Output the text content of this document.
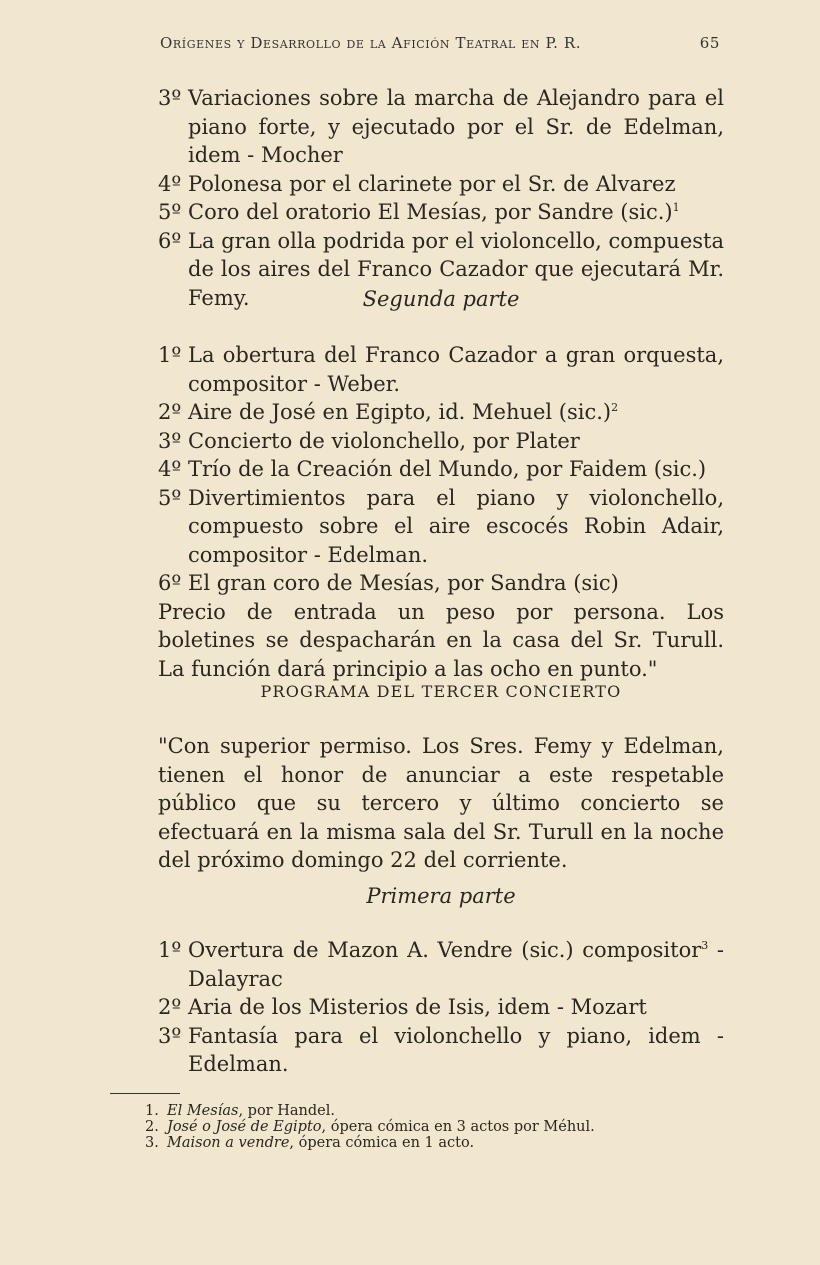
Orígenes y Desarrollo de la Afición Teatral en P. R.	65
3º Variaciones sobre la marcha de Alejandro para el piano forte, y ejecutado por el Sr. de Edelman, idem - Mocher
4º Polonesa por el clarinete por el Sr. de Alvarez
5º Coro del oratorio El Mesías, por Sandre $(sic.)^1$
6º La gran olla podrida por el violoncello, compuesta de los aires del Franco Cazador que ejecutará Mr. Femy.	Segunda parte
1º La obertura del Franco Cazador a gran orquesta, compositor - Weber.
2º Aire de José en Egipto, id. Mehuel $(sic.)^2$
3º Concierto de violonchello, por Plater
4º Trío de la Creación del Mundo, por Faidem (sic.)
5º Divertimientos para el piano y violonchello, compuesto sobre el aire escocés Robin Adair, compositor - Edelman.
6º El gran coro de Mesías, por Sandra (sic)
Precio de entrada un peso por persona. Los boletines se despacharán en la casa del Sr. Turull. La función dará principio a las ocho en punto."
PROGRAMA DEL TERCER CONCIERTO
"Con superior permiso. Los Sres. Femy y Edelman, tienen el honor de anunciar a este respetable público que su tercero y último concierto se efectuará en la misma sala del Sr. Turull en la noche del próximo domingo 22 del corriente.
Primera parte
1º Overtura de Mazon A. Vendre (sic.) compositor$^3$ - Dalayrac
2º Aria de los Misterios de Isis, idem - Mozart
3º Fantasía para el violonchello y piano, idem - Edelman.
1. El Mesías, por Handel.
2. José o José de Egipto, ópera cómica en 3 actos por Méhul.
3. Maison a vendre, ópera cómica en 1 acto.
